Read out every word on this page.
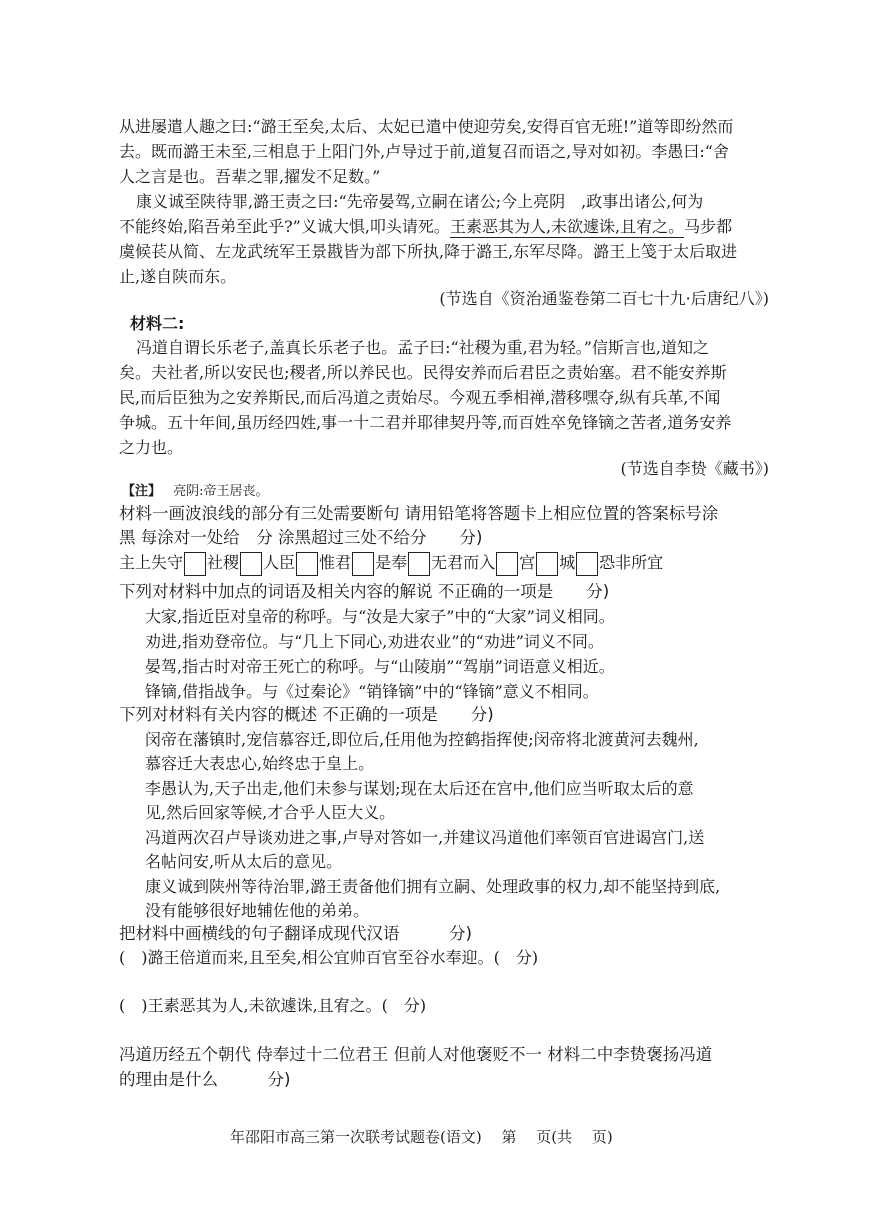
从进屡遣人趣之曰:“潞王至矣,太后、太妃已遣中使迎劳矣,安得百官无班!”道等即纷然而
去。既而潞王未至,三相息于上阳门外,卢导过于前,道复召而语之,导对如初。李愚曰:“舍
人之言是也。吾辈之罪,擢发不足数。”
康义诚至陕待罪,潞王责之曰:“先帝晏驾,立嗣在诸公;今上亮阴　,政事出诸公,何为
不能终始,陷吾弟至此乎?”义诚大惧,叩头请死。王素恶其为人,未欲遽诛,且宥之。马步都
虞候苌从简、左龙武统军王景戡皆为部下所执,降于潞王,东军尽降。潞王上笺于太后取进
止,遂自陕而东。
(节选自《资治通鉴卷第二百七十九·后唐纪八》)
材料二:
冯道自谓长乐老子,盖真长乐老子也。孟子曰:“社稷为重,君为轻。”信斯言也,道知之
矣。夫社者,所以安民也;稷者,所以养民也。民得安养而后君臣之责始塞。君不能安养斯
民,而后臣独为之安养斯民,而后冯道之责始尽。今观五季相禅,潜移嘿夺,纵有兵革,不闻
争城。五十年间,虽历经四姓,事一十二君并耶律契丹等,而百姓卒免锋镝之苦者,道务安养
之力也。
(节选自李贽《藏书》)
【注】 亮阴:帝王居丧。
材料一画波浪线的部分有三处需要断句 请用铅笔将答题卡上相应位置的答案标号涂
黑 每涂对一处给　分 涂黑超过三处不给分　　分)
主上失守 社稷 人臣 惟君 是奉 无君而入 宫 城 恐非所宜
下列对材料中加点的词语及相关内容的解说 不正确的一项是　　分)
大家,指近臣对皇帝的称呼。与“汝是大家子”中的“大家”词义相同。
劝进,指劝登帝位。与“几上下同心,劝进农业”的“劝进”词义不同。
晏驾,指古时对帝王死亡的称呼。与“山陵崩”“驾崩”词语意义相近。
锋镝,借指战争。与《过秦论》“销锋镝”中的“锋镝”意义不相同。
下列对材料有关内容的概述 不正确的一项是　　分)
闵帝在藩镇时,宠信慕容迁,即位后,任用他为控鹤指挥使;闵帝将北渡黄河去魏州,
慕容迁大表忠心,始终忠于皇上。
李愚认为,天子出走,他们未参与谋划;现在太后还在宫中,他们应当听取太后的意
见,然后回家等候,才合乎人臣大义。
冯道两次召卢导谈劝进之事,卢导对答如一,并建议冯道他们率领百官进谒宫门,送
名帖问安,听从太后的意见。
康义诚到陕州等待治罪,潞王责备他们拥有立嗣、处理政事的权力,却不能坚持到底,
没有能够很好地辅佐他的弟弟。
把材料中画横线的句子翻译成现代汉语　　　分)
(　)潞王倍道而来,且至矣,相公宜帅百官至谷水奉迎。(　分)
(　)王素恶其为人,未欲遽诛,且宥之。(　分)
冯道历经五个朝代 侍奉过十二位君王 但前人对他褒贬不一 材料二中李贽褒扬冯道
的理由是什么　　　分)
年邵阳市高三第一次联考试题卷(语文)　 第　 页(共　 页)
